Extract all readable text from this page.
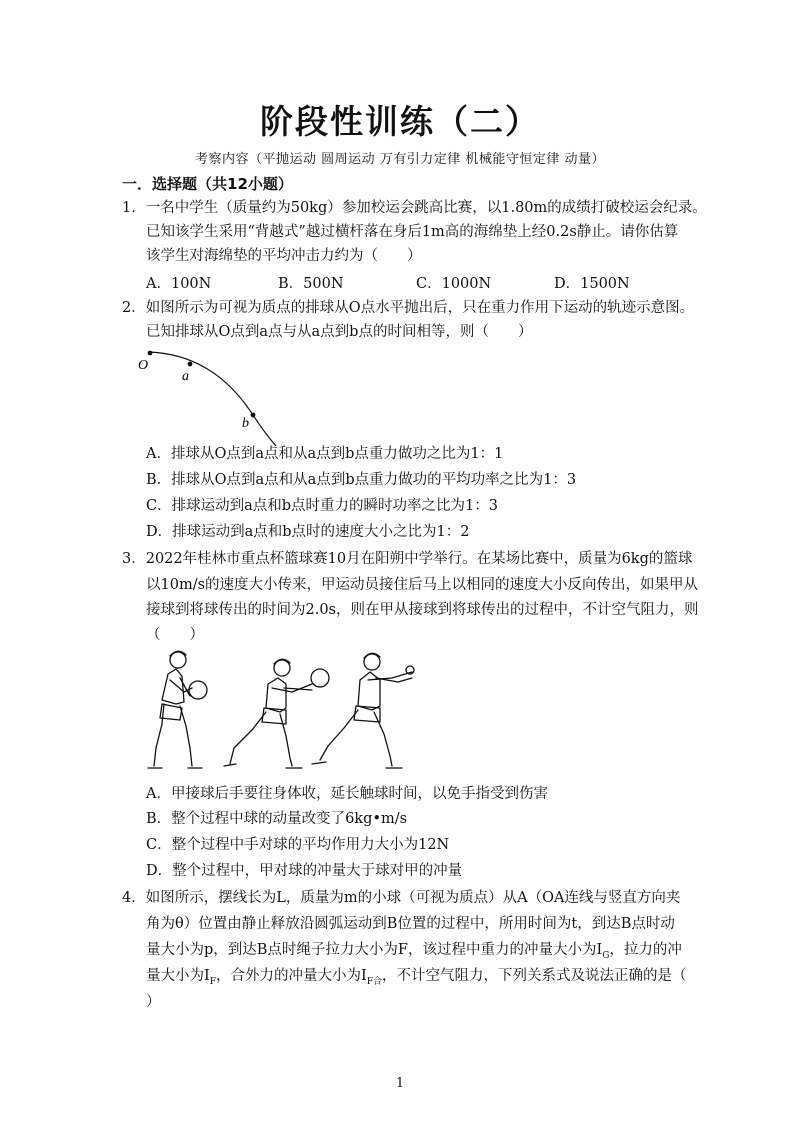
阶段性训练（二）
考察内容（平抛运动 圆周运动 万有引力定律 机械能守恒定律 动量）
一．选择题（共12小题）
1．一名中学生（质量约为50kg）参加校运会跳高比赛，以1.80m的成绩打破校运会纪录。
已知该学生采用“背越式”越过横杆落在身后1m高的海绵垫上经0.2s静止。请你估算
该学生对海绵垫的平均冲击力约为（　　）
A．100N	B．500N	C．1000N	D．1500N
2．如图所示为可视为质点的排球从O点水平抛出后，只在重力作用下运动的轨迹示意图。
已知排球从O点到a点与从a点到b点的时间相等，则（　　）
O
a
b
A．排球从O点到a点和从a点到b点重力做功之比为1：1
B．排球从O点到a点和从a点到b点重力做功的平均功率之比为1：3
C．排球运动到a点和b点时重力的瞬时功率之比为1：3
D．排球运动到a点和b点时的速度大小之比为1：2
3．2022年桂林市重点杯篮球赛10月在阳朔中学举行。在某场比赛中，质量为6kg的篮球
以10m/s的速度大小传来，甲运动员接住后马上以相同的速度大小反向传出，如果甲从
接球到将球传出的时间为2.0s，则在甲从接球到将球传出的过程中，不计空气阻力，则
（　　）
A．甲接球后手要往身体收，延长触球时间，以免手指受到伤害
B．整个过程中球的动量改变了6kg•m/s
C．整个过程中手对球的平均作用力大小为12N
D．整个过程中，甲对球的冲量大于球对甲的冲量
4．如图所示，摆线长为L，质量为m的小球（可视为质点）从A（OA连线与竖直方向夹
角为θ）位置由静止释放沿圆弧运动到B位置的过程中，所用时间为t，到达B点时动
量大小为p，到达B点时绳子拉力大小为F，该过程中重力的冲量大小为$I_G$，拉力的冲
量大小为$I_F$，合外力的冲量大小为$I_{F合}$，不计空气阻力，下列关系式及说法正确的是（
）
1
